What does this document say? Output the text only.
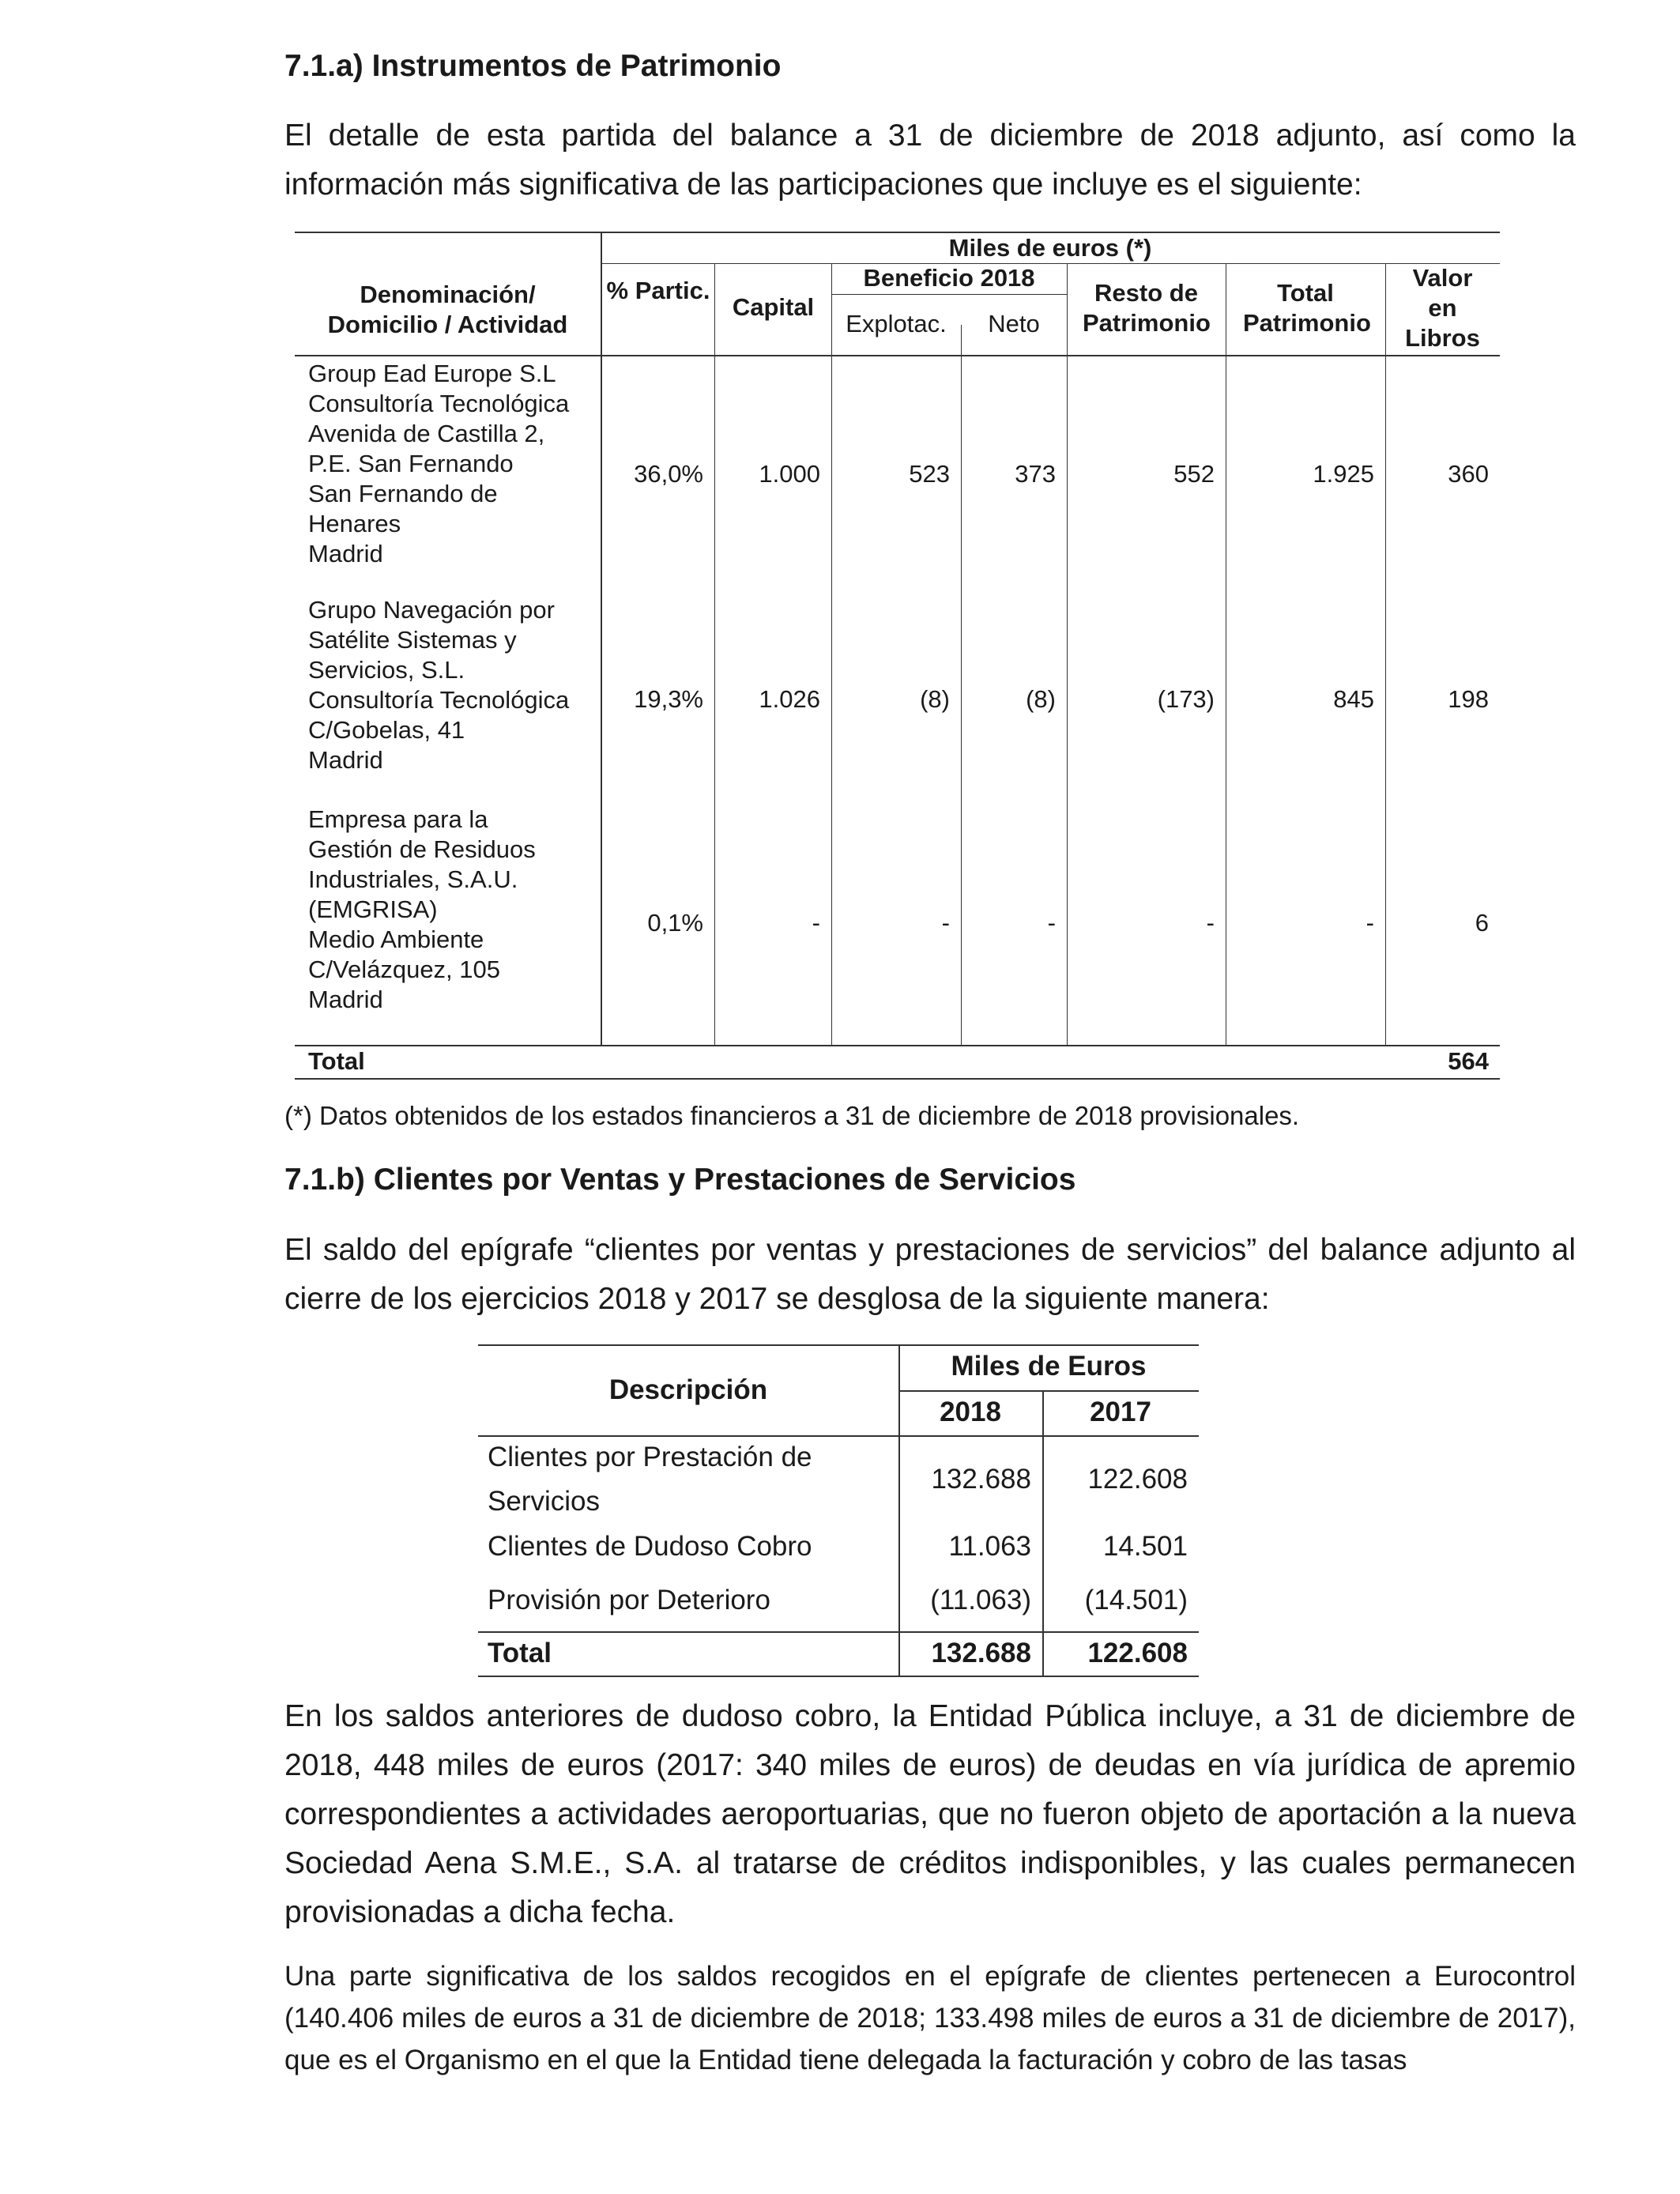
7.1.a) Instrumentos de Patrimonio

El detalle de esta partida del balance a 31 de diciembre de 2018 adjunto, así como la información más significativa de las participaciones que incluye es el siguiente:

Miles de euros (*)
Denominación/ Domicilio / Actividad
% Partic.
Capital
Beneficio 2018
Explotac.	Neto
Resto de Patrimonio
Total Patrimonio
Valor en Libros
Group Ead Europe S.L
Consultoría Tecnológica
Avenida de Castilla 2,
P.E. San Fernando
San Fernando de
Henares
Madrid
36,0%	1.000	523	373	552	1.925	360
Grupo Navegación por
Satélite Sistemas y
Servicios, S.L.
Consultoría Tecnológica
C/Gobelas, 41
Madrid
19,3%	1.026	(8)	(8)	(173)	845	198
Empresa para la
Gestión de Residuos
Industriales, S.A.U.
(EMGRISA)
Medio Ambiente
C/Velázquez, 105
Madrid
0,1%	-	-	-	-	-	6
Total	564

(*) Datos obtenidos de los estados financieros a 31 de diciembre de 2018 provisionales.

7.1.b) Clientes por Ventas y Prestaciones de Servicios

El saldo del epígrafe “clientes por ventas y prestaciones de servicios” del balance adjunto al cierre de los ejercicios 2018 y 2017 se desglosa de la siguiente manera:

Descripción
Miles de Euros
2018	2017
Clientes por Prestación de
Servicios
132.688	122.608
Clientes de Dudoso Cobro	11.063	14.501
Provisión por Deterioro	(11.063)	(14.501)
Total	132.688	122.608

En los saldos anteriores de dudoso cobro, la Entidad Pública incluye, a 31 de diciembre de 2018, 448 miles de euros (2017: 340 miles de euros) de deudas en vía jurídica de apremio correspondientes a actividades aeroportuarias, que no fueron objeto de aportación a la nueva Sociedad Aena S.M.E., S.A. al tratarse de créditos indisponibles, y las cuales permanecen provisionadas a dicha fecha.

Una parte significativa de los saldos recogidos en el epígrafe de clientes pertenecen a Eurocontrol (140.406 miles de euros a 31 de diciembre de 2018; 133.498 miles de euros a 31 de diciembre de 2017), que es el Organismo en el que la Entidad tiene delegada la facturación y cobro de las tasas
